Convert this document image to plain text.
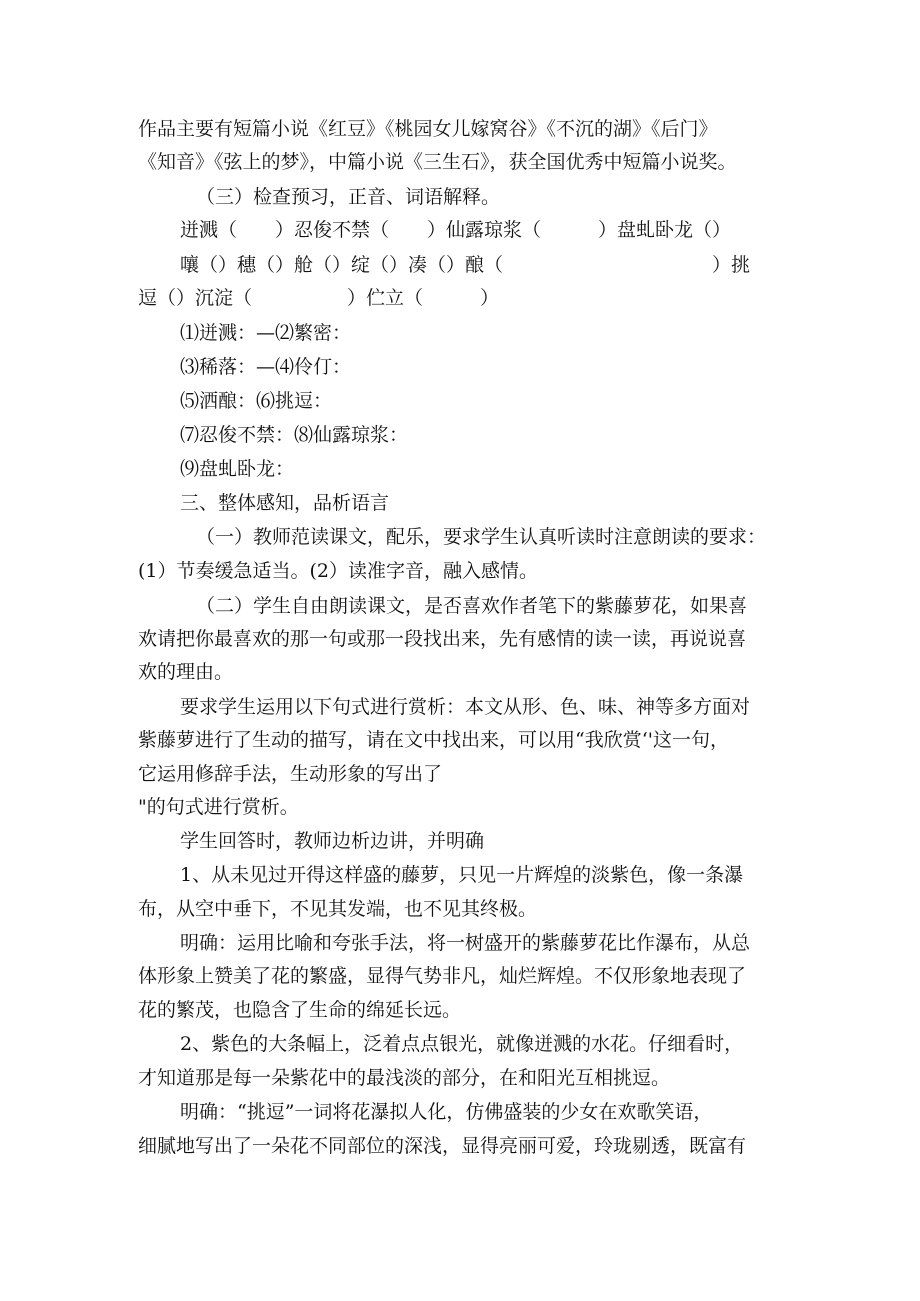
作品主要有短篇小说《红豆》《桃园女儿嫁窝谷》《不沉的湖》《后门》
《知音》《弦上的梦》，中篇小说《三生石》，获全国优秀中短篇小说奖。
（三）检查预习，正音、词语解释。
迸溅（　　）忍俊不禁（　　）仙露琼浆（　　　）盘虬卧龙（）
嚷（）穗（）舱（）绽（）凑（）酿（　　　　　　　　　　　）挑
逗（）沉淀（　　　　　）伫立（　　　）
⑴迸溅：—⑵繁密：
⑶稀落：—⑷伶仃：
⑸洒酿：⑹挑逗：
⑺忍俊不禁：⑻仙露琼浆：
⑼盘虬卧龙：
三、整体感知，品析语言
（一）教师范读课文，配乐，要求学生认真听读时注意朗读的要求：
(1）节奏缓急适当。(2）读准字音，融入感情。
（二）学生自由朗读课文，是否喜欢作者笔下的紫藤萝花，如果喜
欢请把你最喜欢的那一句或那一段找出来，先有感情的读一读，再说说喜
欢的理由。
要求学生运用以下句式进行赏析：本文从形、色、味、神等多方面对
紫藤萝进行了生动的描写，请在文中找出来，可以用“我欣赏‘'这一句，
它运用修辞手法，生动形象的写出了
"的句式进行赏析。
学生回答时，教师边析边讲，并明确
1、从未见过开得这样盛的藤萝，只见一片辉煌的淡紫色，像一条瀑
布，从空中垂下，不见其发端，也不见其终极。
明确：运用比喻和夸张手法，将一树盛开的紫藤萝花比作瀑布，从总
体形象上赞美了花的繁盛，显得气势非凡，灿烂辉煌。不仅形象地表现了
花的繁茂，也隐含了生命的绵延长远。
2、紫色的大条幅上，泛着点点银光，就像迸溅的水花。仔细看时，
才知道那是每一朵紫花中的最浅淡的部分，在和阳光互相挑逗。
明确：“挑逗”一词将花瀑拟人化，仿佛盛装的少女在欢歌笑语，
细腻地写出了一朵花不同部位的深浅，显得亮丽可爱，玲珑剔透，既富有
